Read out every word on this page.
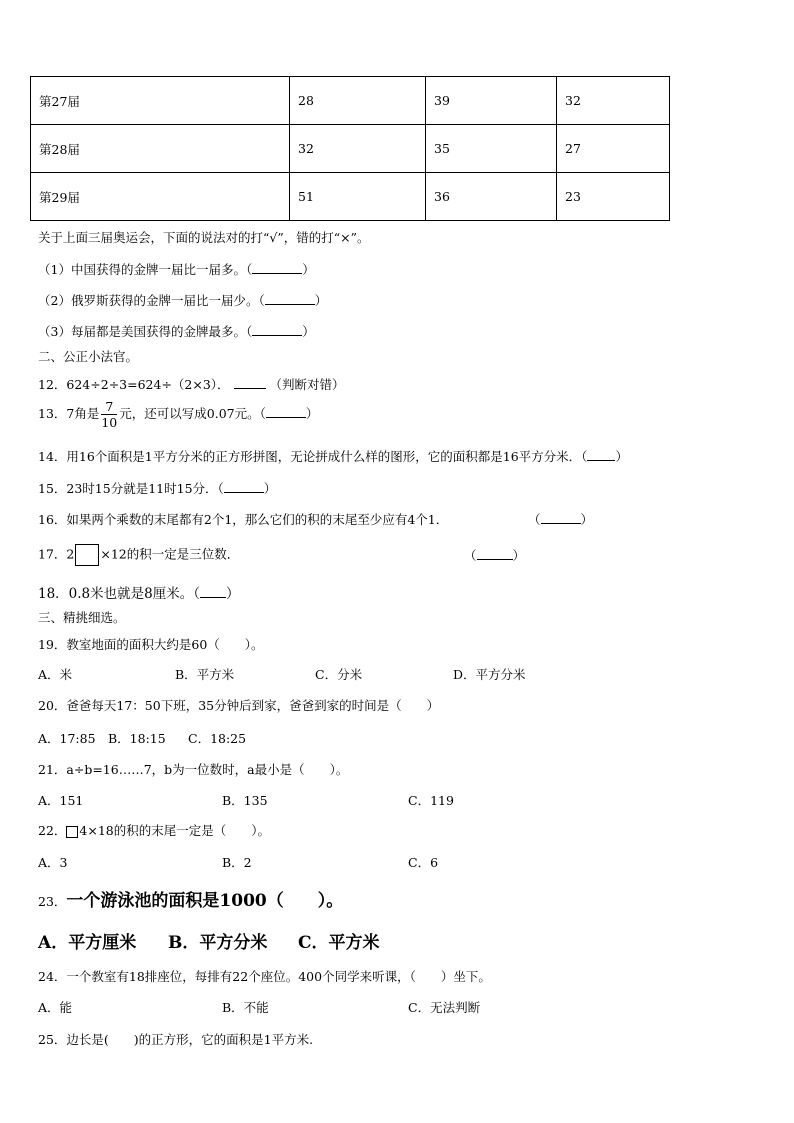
第27届	28	39	32
第28届	32	35	27
第29届	51	36	23
关于上面三届奥运会，下面的说法对的打“√”，错的打“×”。
（1）中国获得的金牌一届比一届多。（	）
（2）俄罗斯获得的金牌一届比一届少。（	）
（3）每届都是美国获得的金牌最多。（	）
二、公正小法官。
12．624÷2÷3=624÷（2×3）．	（判断对错）
13．7角是 $\frac{7}{10}$ 元，还可以写成0.07元。（	）
14．用16个面积是1平方分米的正方形拼图，无论拼成什么样的图形，它的面积都是16平方分米．（ ）
15．23时15分就是11时15分．（	）
16．如果两个乘数的末尾都有2个1，那么它们的积的末尾至少应有4个1．	（	）
17．2 ×12的积一定是三位数．	（	）
18．0.8米也就是8厘米。（ ）
三、精挑细选。
19．教室地面的面积大约是60（　　）。
A．米	B．平方米	C．分米	D．平方分米
20．爸爸每天17：50下班，35分钟后到家，爸爸到家的时间是（　　）
A．17:85 B．18:15 C．18:25
21．a÷b=16……7，b为一位数时，a最小是（　　）。
A．151	B．135	C．119
22． 4×18的积的末尾一定是（　　）。
A．3	B．2	C．6
23．一个游泳池的面积是1000（　　）。
A．平方厘米 B．平方分米 C．平方米
24．一个教室有18排座位，每排有22个座位。400个同学来听课，（　　）坐下。
A．能	B．不能	C．无法判断
25．边长是(　　)的正方形，它的面积是1平方米.
